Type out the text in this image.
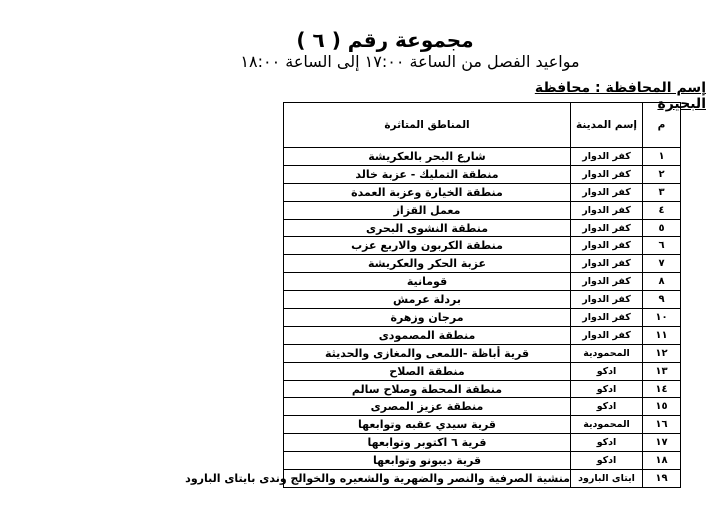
مجموعة رقم ( ٦ )
مواعيد الفصل من الساعة ١٧:٠٠ إلى الساعة ١٨:٠٠
إسم المحافظة : محافظة البحيرة
م	إسم المدينة	المناطق المتاثرة
١	كفر الدوار	شارع البحر بالعكريشة
٢	كفر الدوار	منطقة التمليك - عزبة خالد
٣	كفر الدوار	منطقة الخيارة وعزبة العمدة
٤	كفر الدوار	معمل القزاز
٥	كفر الدوار	منطقة النشوى البحرى
٦	كفر الدوار	منطقة الكربون والاربع عزب
٧	كفر الدوار	عزبة الحكر والعكريشة
٨	كفر الدوار	قومانية
٩	كفر الدوار	بردلة عرمش
١٠	كفر الدوار	مرجان وزهرة
١١	كفر الدوار	منطقة المصمودى
١٢	المحمودية	قرية أباظة -اللمعى والمغازى والحديثة
١٣	ادكو	منطقة الصلاح
١٤	ادكو	منطقة المحطة وصلاح سالم
١٥	ادكو	منطقة عزيز المصرى
١٦	المحمودية	قرية سيدي عقبه وتوابعها
١٧	ادكو	قرية ٦ اكتوبر وتوابعها
١٨	ادكو	قرية ديبونو وتوابعها
١٩	ايتاى البارود	منشية الصرفية والنصر والضهرية والشعيره والخوالج وندى بايتاى البارود
